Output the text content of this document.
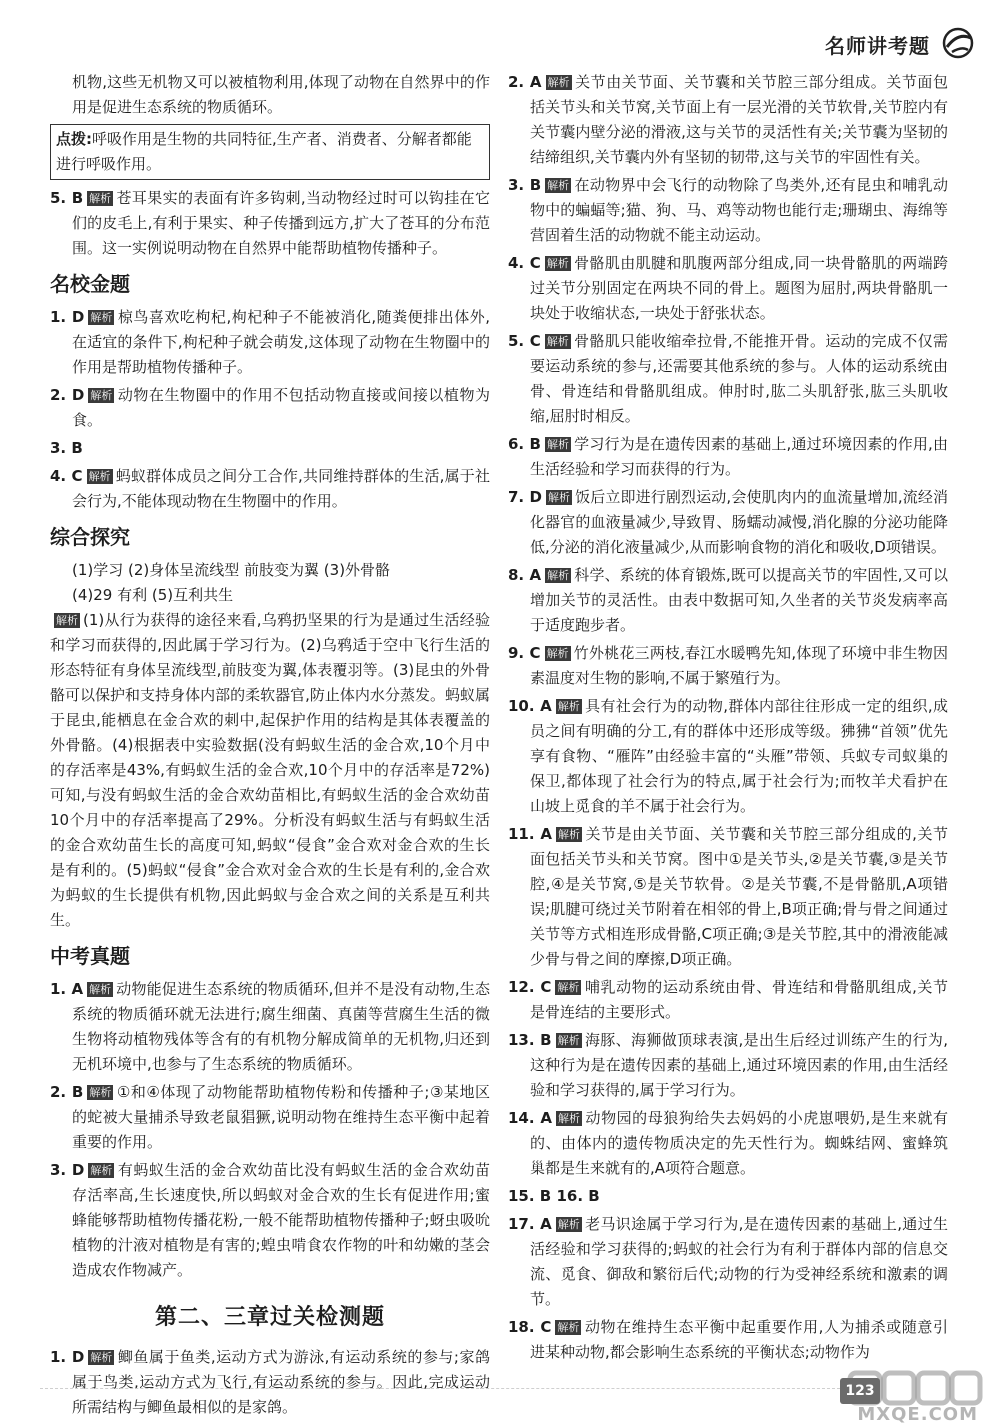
名师讲考题

机物,这些无机物又可以被植物利用,体现了动物在自然界中的作用是促进生态系统的物质循环。

点拨:呼吸作用是生物的共同特征,生产者、消费者、分解者都能进行呼吸作用。

5. B 解析 苍耳果实的表面有许多钩刺,当动物经过时可以钩挂在它们的皮毛上,有利于果实、种子传播到远方,扩大了苍耳的分布范围。这一实例说明动物在自然界中能帮助植物传播种子。

名校金题

1. D 解析 椋鸟喜欢吃枸杞,枸杞种子不能被消化,随粪便排出体外,在适宜的条件下,枸杞种子就会萌发,这体现了动物在生物圈中的作用是帮助植物传播种子。

2. D 解析 动物在生物圈中的作用不包括动物直接或间接以植物为食。

3. B

4. C 解析 蚂蚁群体成员之间分工合作,共同维持群体的生活,属于社会行为,不能体现动物在生物圈中的作用。

综合探究

(1)学习 (2)身体呈流线型 前肢变为翼 (3)外骨骼

(4)29 有利 (5)互利共生

解析 (1)从行为获得的途径来看,乌鸦扔坚果的行为是通过生活经验和学习而获得的,因此属于学习行为。(2)乌鸦适于空中飞行生活的形态特征有身体呈流线型,前肢变为翼,体表覆羽等。(3)昆虫的外骨骼可以保护和支持身体内部的柔软器官,防止体内水分蒸发。蚂蚁属于昆虫,能栖息在金合欢的刺中,起保护作用的结构是其体表覆盖的外骨骼。(4)根据表中实验数据(没有蚂蚁生活的金合欢,10个月中的存活率是43%,有蚂蚁生活的金合欢,10个月中的存活率是72%)可知,与没有蚂蚁生活的金合欢幼苗相比,有蚂蚁生活的金合欢幼苗10个月中的存活率提高了29%。分析没有蚂蚁生活与有蚂蚁生活的金合欢幼苗生长的高度可知,蚂蚁“侵食”金合欢对金合欢的生长是有利的。(5)蚂蚁“侵食”金合欢对金合欢的生长是有利的,金合欢为蚂蚁的生长提供有机物,因此蚂蚁与金合欢之间的关系是互利共生。

中考真题

1. A 解析 动物能促进生态系统的物质循环,但并不是没有动物,生态系统的物质循环就无法进行;腐生细菌、真菌等营腐生生活的微生物将动植物残体等含有的有机物分解成简单的无机物,归还到无机环境中,也参与了生态系统的物质循环。

2. B 解析 ①和④体现了动物能帮助植物传粉和传播种子;③某地区的蛇被大量捕杀导致老鼠猖獗,说明动物在维持生态平衡中起着重要的作用。

3. D 解析 有蚂蚁生活的金合欢幼苗比没有蚂蚁生活的金合欢幼苗存活率高,生长速度快,所以蚂蚁对金合欢的生长有促进作用;蜜蜂能够帮助植物传播花粉,一般不能帮助植物传播种子;蚜虫吸吮植物的汁液对植物是有害的;蝗虫啃食农作物的叶和幼嫩的茎会造成农作物减产。

第二、三章过关检测题

1. D 解析 鲫鱼属于鱼类,运动方式为游泳,有运动系统的参与;家鸽属于鸟类,运动方式为飞行,有运动系统的参与。因此,完成运动所需结构与鲫鱼最相似的是家鸽。

2. A 解析 关节由关节面、关节囊和关节腔三部分组成。关节面包括关节头和关节窝,关节面上有一层光滑的关节软骨,关节腔内有关节囊内壁分泌的滑液,这与关节的灵活性有关;关节囊为坚韧的结缔组织,关节囊内外有坚韧的韧带,这与关节的牢固性有关。

3. B 解析 在动物界中会飞行的动物除了鸟类外,还有昆虫和哺乳动物中的蝙蝠等;猫、狗、马、鸡等动物也能行走;珊瑚虫、海绵等营固着生活的动物就不能主动运动。

4. C 解析 骨骼肌由肌腱和肌腹两部分组成,同一块骨骼肌的两端跨过关节分别固定在两块不同的骨上。题图为屈肘,两块骨骼肌一块处于收缩状态,一块处于舒张状态。

5. C 解析 骨骼肌只能收缩牵拉骨,不能推开骨。运动的完成不仅需要运动系统的参与,还需要其他系统的参与。人体的运动系统由骨、骨连结和骨骼肌组成。伸肘时,肱二头肌舒张,肱三头肌收缩,屈肘时相反。

6. B 解析 学习行为是在遗传因素的基础上,通过环境因素的作用,由生活经验和学习而获得的行为。

7. D 解析 饭后立即进行剧烈运动,会使肌肉内的血流量增加,流经消化器官的血液量减少,导致胃、肠蠕动减慢,消化腺的分泌功能降低,分泌的消化液量减少,从而影响食物的消化和吸收,D项错误。

8. A 解析 科学、系统的体育锻炼,既可以提高关节的牢固性,又可以增加关节的灵活性。由表中数据可知,久坐者的关节炎发病率高于适度跑步者。

9. C 解析 竹外桃花三两枝,春江水暖鸭先知,体现了环境中非生物因素温度对生物的影响,不属于繁殖行为。

10. A 解析 具有社会行为的动物,群体内部往往形成一定的组织,成员之间有明确的分工,有的群体中还形成等级。狒狒“首领”优先享有食物、“雁阵”由经验丰富的“头雁”带领、兵蚁专司蚁巢的保卫,都体现了社会行为的特点,属于社会行为;而牧羊犬看护在山坡上觅食的羊不属于社会行为。

11. A 解析 关节是由关节面、关节囊和关节腔三部分组成的,关节面包括关节头和关节窝。图中①是关节头,②是关节囊,③是关节腔,④是关节窝,⑤是关节软骨。②是关节囊,不是骨骼肌,A项错误;肌腱可绕过关节附着在相邻的骨上,B项正确;骨与骨之间通过关节等方式相连形成骨骼,C项正确;③是关节腔,其中的滑液能减少骨与骨之间的摩擦,D项正确。

12. C 解析 哺乳动物的运动系统由骨、骨连结和骨骼肌组成,关节是骨连结的主要形式。

13. B 解析 海豚、海狮做顶球表演,是出生后经过训练产生的行为,这种行为是在遗传因素的基础上,通过环境因素的作用,由生活经验和学习获得的,属于学习行为。

14. A 解析 动物园的母狼狗给失去妈妈的小虎崽喂奶,是生来就有的、由体内的遗传物质决定的先天性行为。蜘蛛结网、蜜蜂筑巢都是生来就有的,A项符合题意。

15. B 16. B

17. A 解析 老马识途属于学习行为,是在遗传因素的基础上,通过生活经验和学习获得的;蚂蚁的社会行为有利于群体内部的信息交流、觅食、御敌和繁衍后代;动物的行为受神经系统和激素的调节。

18. C 解析 动物在维持生态平衡中起重要作用,人为捕杀或随意引进某种动物,都会影响生态系统的平衡状态;动物作为

123
MXQE.COM
